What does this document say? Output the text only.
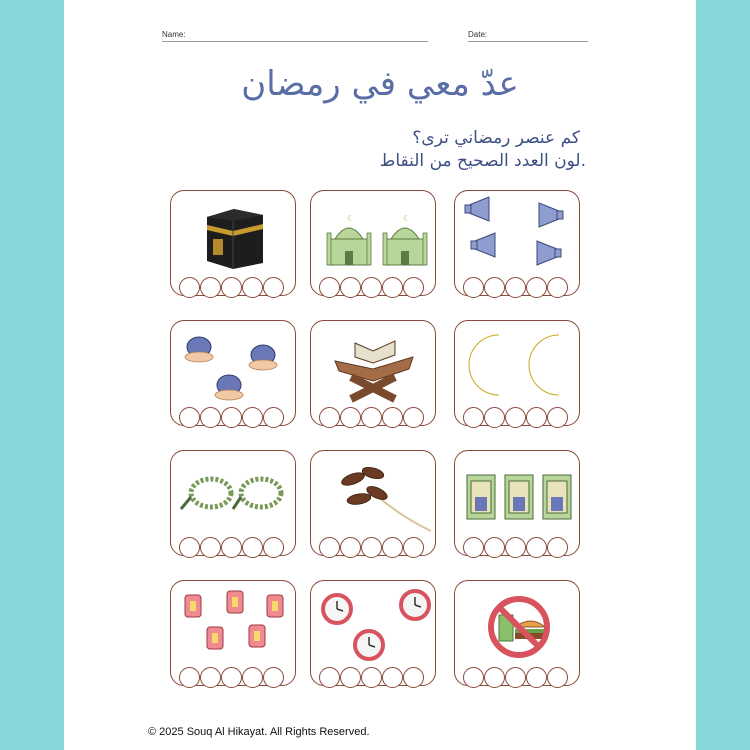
Name:	Date:
عدّ معي في رمضان
كم عنصر رمضاني ترى؟
لون العدد الصحيح من النقاط.
☾	☾
© 2025 Souq Al Hikayat. All Rights Reserved.
